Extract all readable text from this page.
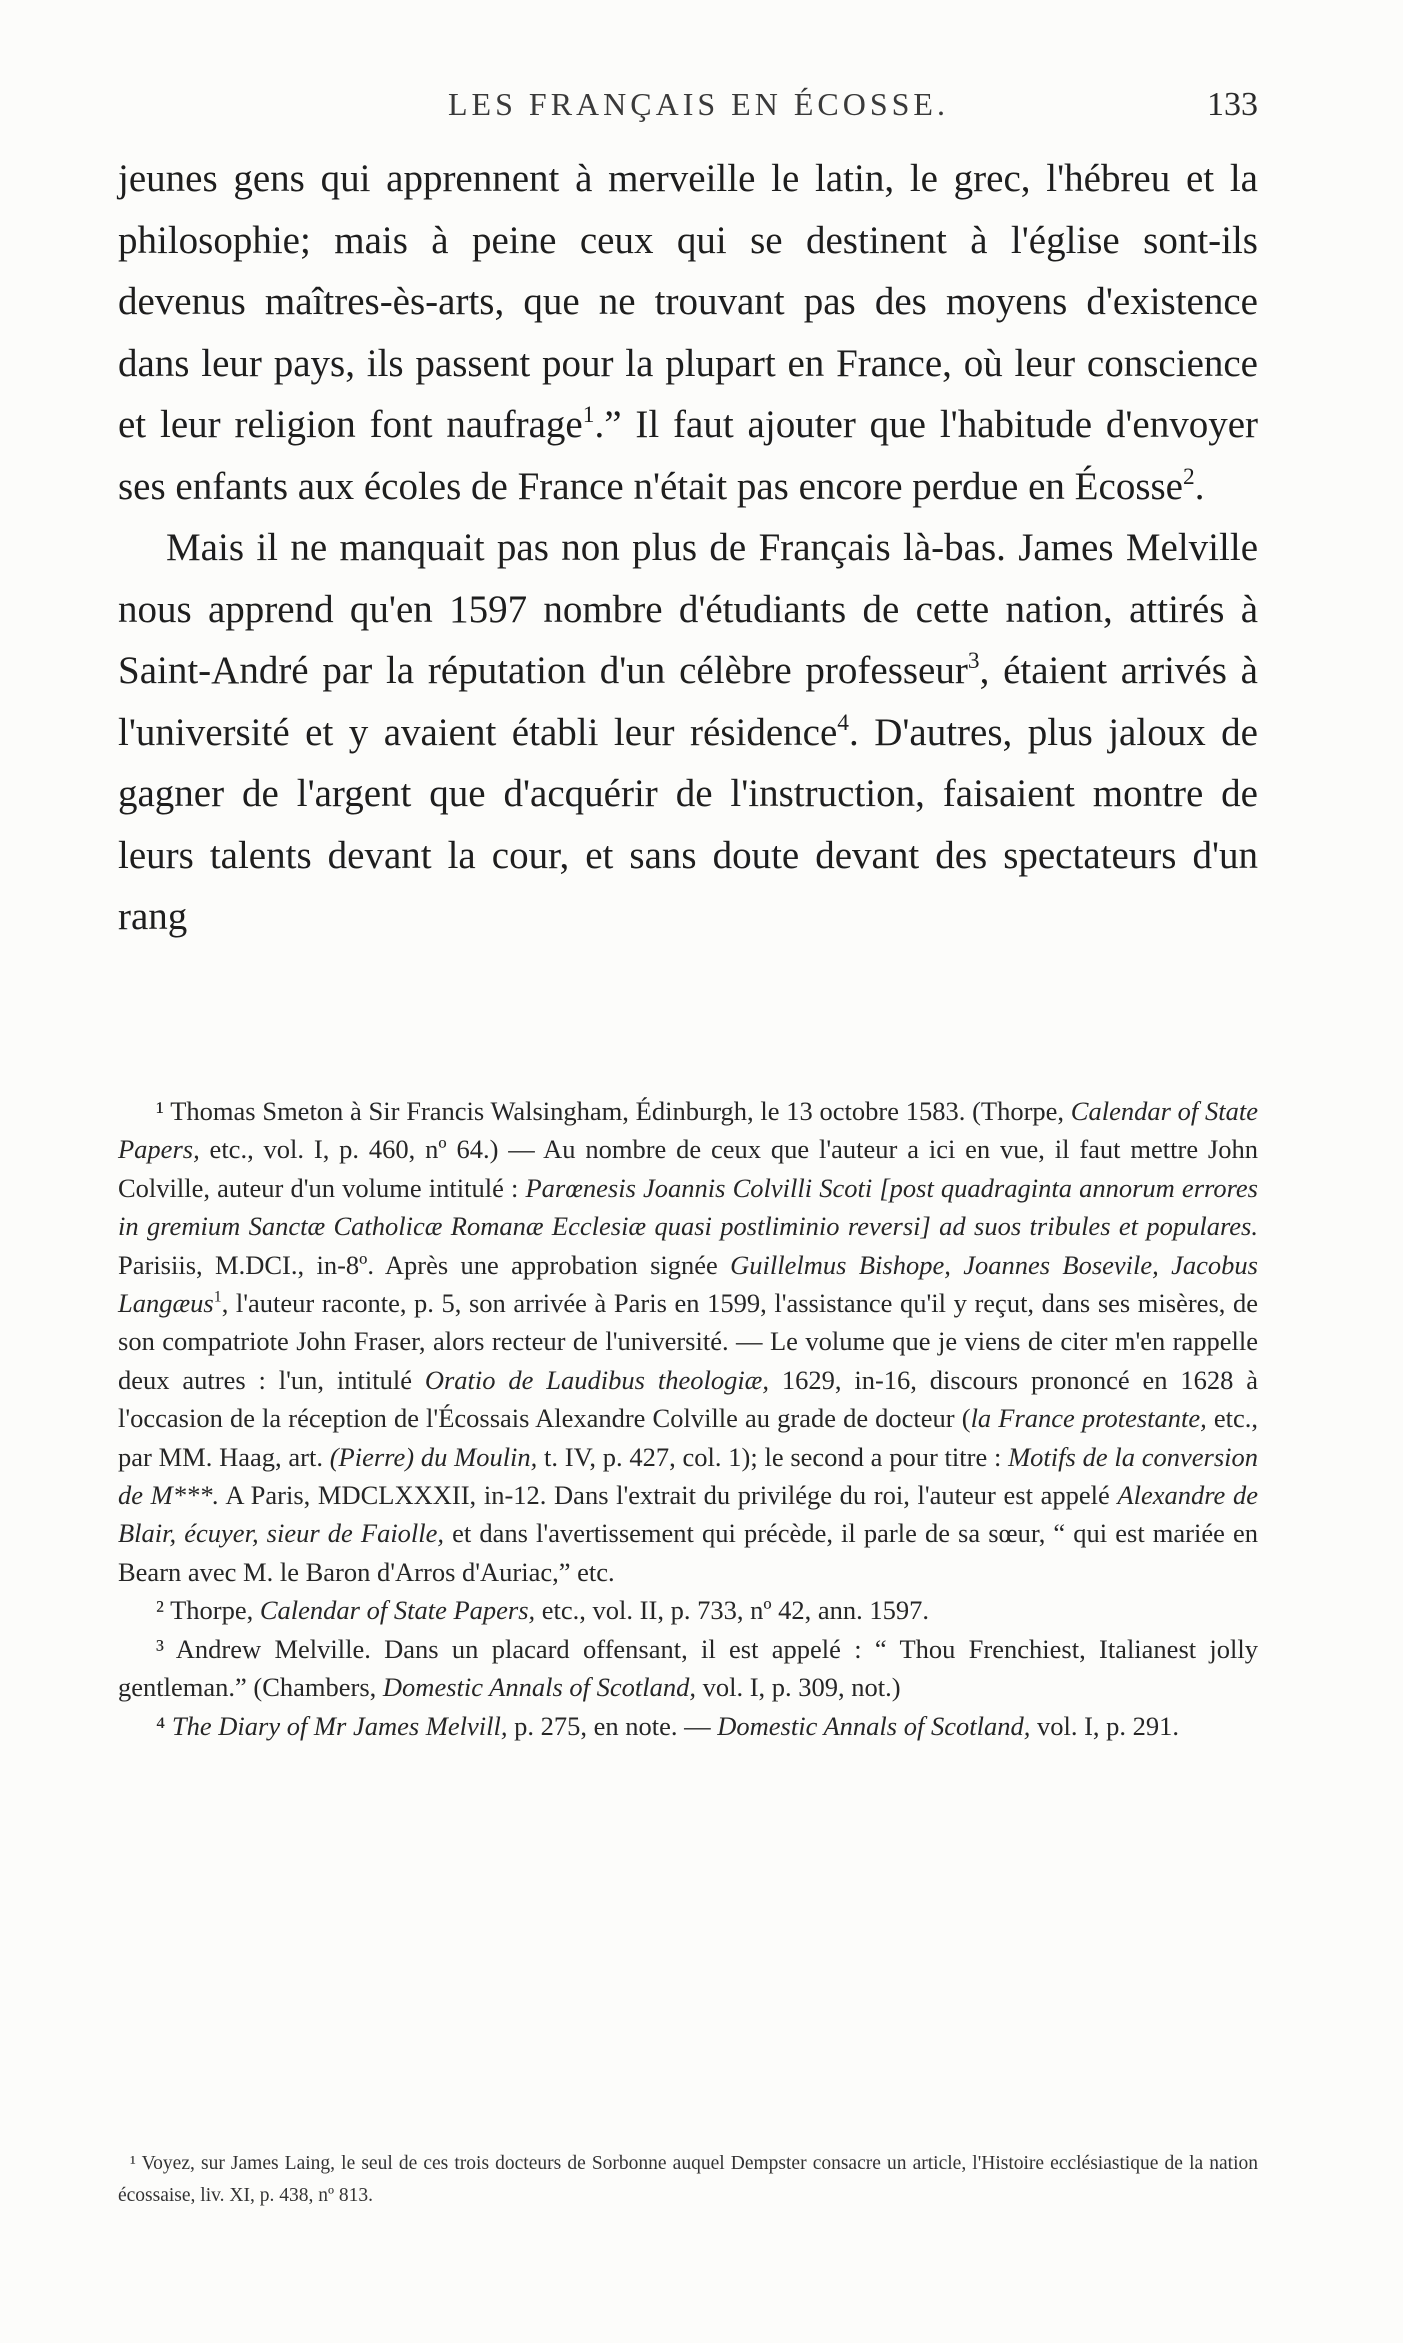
LES FRANÇAIS EN ÉCOSSE.	133

jeunes gens qui apprennent à merveille le latin, le grec, l'hébreu et la philosophie; mais à peine ceux qui se destinent à l'église sont-ils devenus maîtres-ès-arts, que ne trouvant pas des moyens d'existence dans leur pays, ils passent pour la plupart en France, où leur conscience et leur religion font naufrage$^1$.” Il faut ajouter que l'habitude d'envoyer ses enfants aux écoles de France n'était pas encore perdue en Écosse$^2$.

Mais il ne manquait pas non plus de Français là-bas. James Melville nous apprend qu'en 1597 nombre d'étudiants de cette nation, attirés à Saint-André par la réputation d'un célèbre professeur$^3$, étaient arrivés à l'université et y avaient établi leur résidence$^4$. D'autres, plus jaloux de gagner de l'argent que d'acquérir de l'instruction, faisaient montre de leurs talents devant la cour, et sans doute devant des spectateurs d'un rang

¹ Thomas Smeton à Sir Francis Walsingham, Édinburgh, le 13 octobre 1583. (Thorpe, Calendar of State Papers, etc., vol. I, p. 460, nº 64.) — Au nombre de ceux que l'auteur a ici en vue, il faut mettre John Colville, auteur d'un volume intitulé : Parœnesis Joannis Colvilli Scoti [post quadraginta annorum errores in gremium Sanctæ Catholicæ Romanæ Ecclesiæ quasi postliminio reversi] ad suos tribules et populares. Parisiis, M.DCI., in-8º. Après une approbation signée Guillelmus Bishope, Joannes Bosevile, Jacobus Langæus$^1$, l'auteur raconte, p. 5, son arrivée à Paris en 1599, l'assistance qu'il y reçut, dans ses misères, de son compatriote John Fraser, alors recteur de l'université. — Le volume que je viens de citer m'en rappelle deux autres : l'un, intitulé Oratio de Laudibus theologiæ, 1629, in-16, discours prononcé en 1628 à l'occasion de la réception de l'Écossais Alexandre Colville au grade de docteur (la France protestante, etc., par MM. Haag, art. (Pierre) du Moulin, t. IV, p. 427, col. 1); le second a pour titre : Motifs de la conversion de M***. A Paris, MDCLXXXII, in-12. Dans l'extrait du privilége du roi, l'auteur est appelé Alexandre de Blair, écuyer, sieur de Faiolle, et dans l'avertissement qui précède, il parle de sa sœur, “ qui est mariée en Bearn avec M. le Baron d'Arros d'Auriac,” etc.

² Thorpe, Calendar of State Papers, etc., vol. II, p. 733, nº 42, ann. 1597.

³ Andrew Melville. Dans un placard offensant, il est appelé : “ Thou Frenchiest, Italianest jolly gentleman.” (Chambers, Domestic Annals of Scotland, vol. I, p. 309, not.)

⁴ The Diary of Mr James Melvill, p. 275, en note. — Domestic Annals of Scotland, vol. I, p. 291.

¹ Voyez, sur James Laing, le seul de ces trois docteurs de Sorbonne auquel Dempster consacre un article, l'Histoire ecclésiastique de la nation écossaise, liv. XI, p. 438, nº 813.
